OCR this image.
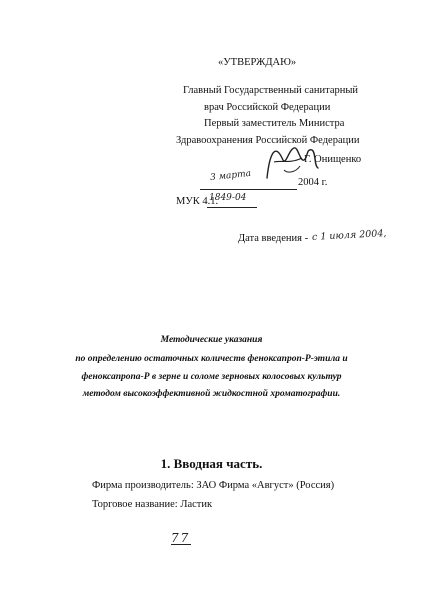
«УТВЕРЖДАЮ»
Главный Государственный санитарный
врач Российской Федерации
Первый заместитель Министра
Здравоохранения Российской Федерации
Г. Онищенко
3 марта	2004 г.
МУК 4.1.
1849-04
Дата введения - с 1 июля 2004,
Методические указания
по определению остаточных количеств феноксапроп-Р-этила и
феноксапропа-Р в зерне и соломе зерновых колосовых культур
методом высокоэффективной жидкостной хроматографии.
1. Вводная часть.
Фирма производитель: ЗАО Фирма «Август» (Россия)
Торговое название: Ластик
77
